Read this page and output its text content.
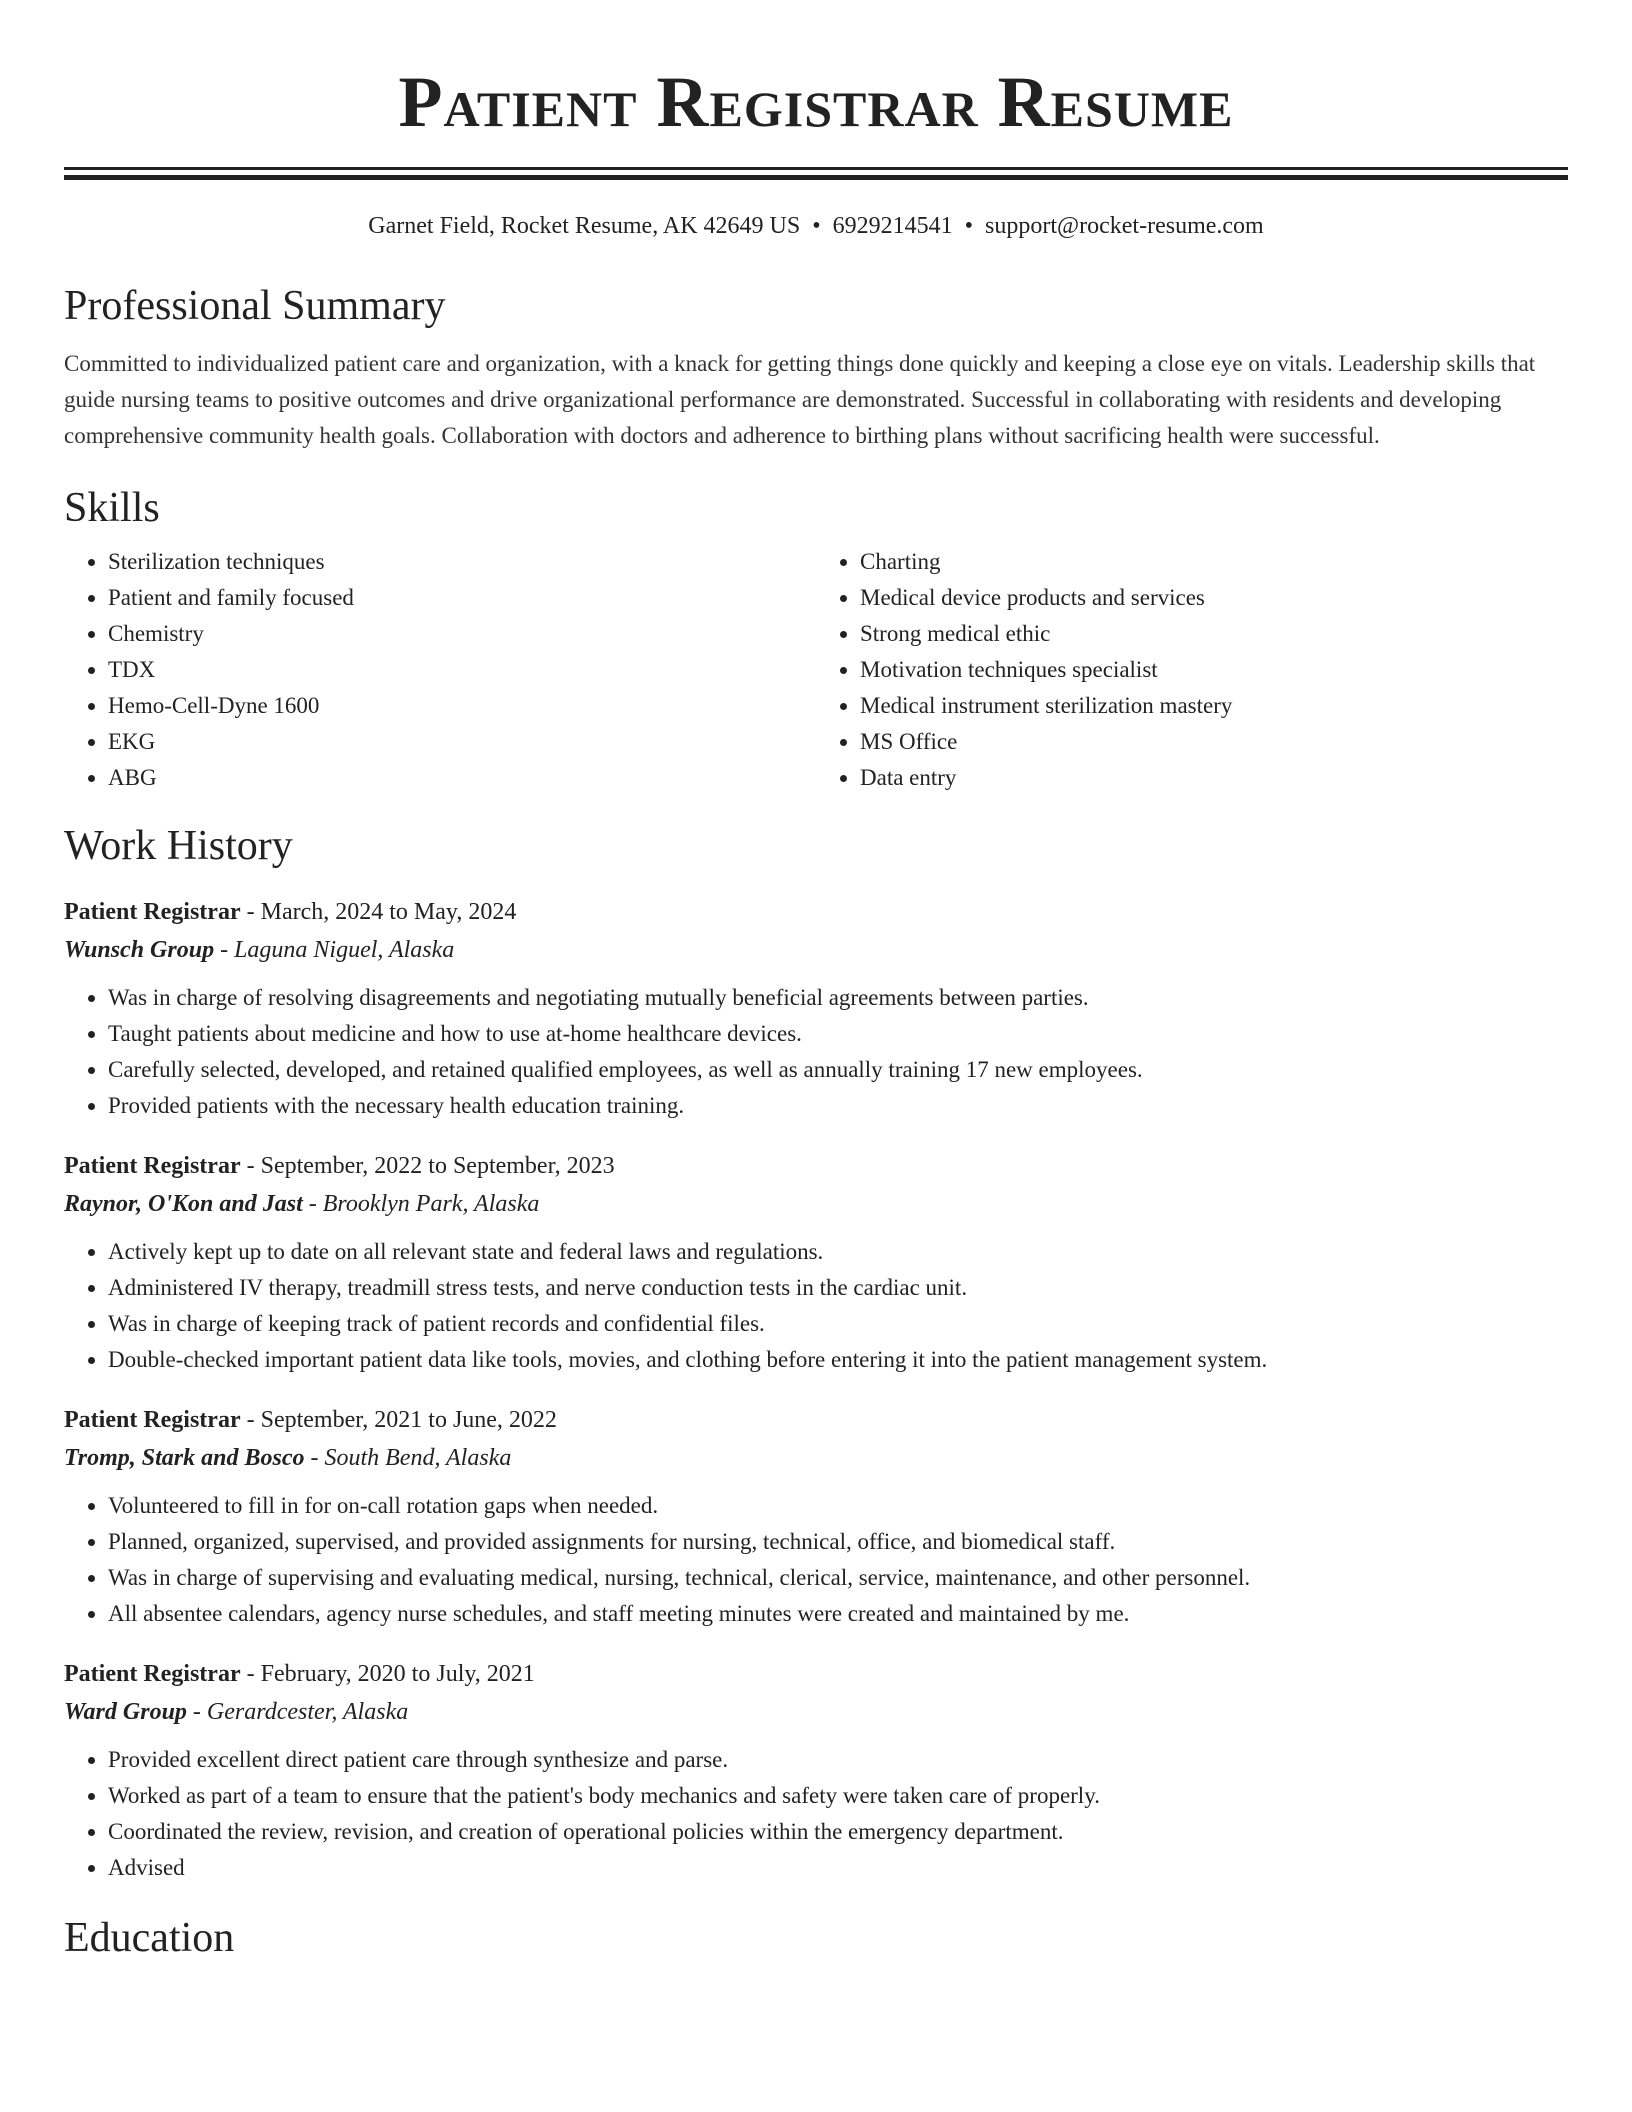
Patient Registrar Resume
Garnet Field, Rocket Resume, AK 42649 US • 6929214541 • support@rocket-resume.com
Professional Summary

Committed to individualized patient care and organization, with a knack for getting things done quickly and keeping a close eye on vitals. Leadership skills that guide nursing teams to positive outcomes and drive organizational performance are demonstrated. Successful in collaborating with residents and developing comprehensive community health goals. Collaboration with doctors and adherence to birthing plans without sacrificing health were successful.

Skills
• Sterilization techniques
• Patient and family focused
• Chemistry
• TDX
• Hemo-Cell-Dyne 1600
• EKG
• ABG
• Charting
• Medical device products and services
• Strong medical ethic
• Motivation techniques specialist
• Medical instrument sterilization mastery
• MS Office
• Data entry
Work History
Patient Registrar - March, 2024 to May, 2024
Wunsch Group - Laguna Niguel, Alaska
• Was in charge of resolving disagreements and negotiating mutually beneficial agreements between parties.
• Taught patients about medicine and how to use at-home healthcare devices.
• Carefully selected, developed, and retained qualified employees, as well as annually training 17 new employees.
• Provided patients with the necessary health education training.
Patient Registrar - September, 2022 to September, 2023
Raynor, O'Kon and Jast - Brooklyn Park, Alaska
• Actively kept up to date on all relevant state and federal laws and regulations.
• Administered IV therapy, treadmill stress tests, and nerve conduction tests in the cardiac unit.
• Was in charge of keeping track of patient records and confidential files.
• Double-checked important patient data like tools, movies, and clothing before entering it into the patient management system.
Patient Registrar - September, 2021 to June, 2022
Tromp, Stark and Bosco - South Bend, Alaska
• Volunteered to fill in for on-call rotation gaps when needed.
• Planned, organized, supervised, and provided assignments for nursing, technical, office, and biomedical staff.
• Was in charge of supervising and evaluating medical, nursing, technical, clerical, service, maintenance, and other personnel.
• All absentee calendars, agency nurse schedules, and staff meeting minutes were created and maintained by me.
Patient Registrar - February, 2020 to July, 2021
Ward Group - Gerardcester, Alaska
• Provided excellent direct patient care through synthesize and parse.
• Worked as part of a team to ensure that the patient's body mechanics and safety were taken care of properly.
• Coordinated the review, revision, and creation of operational policies within the emergency department.
• Advised
Education
